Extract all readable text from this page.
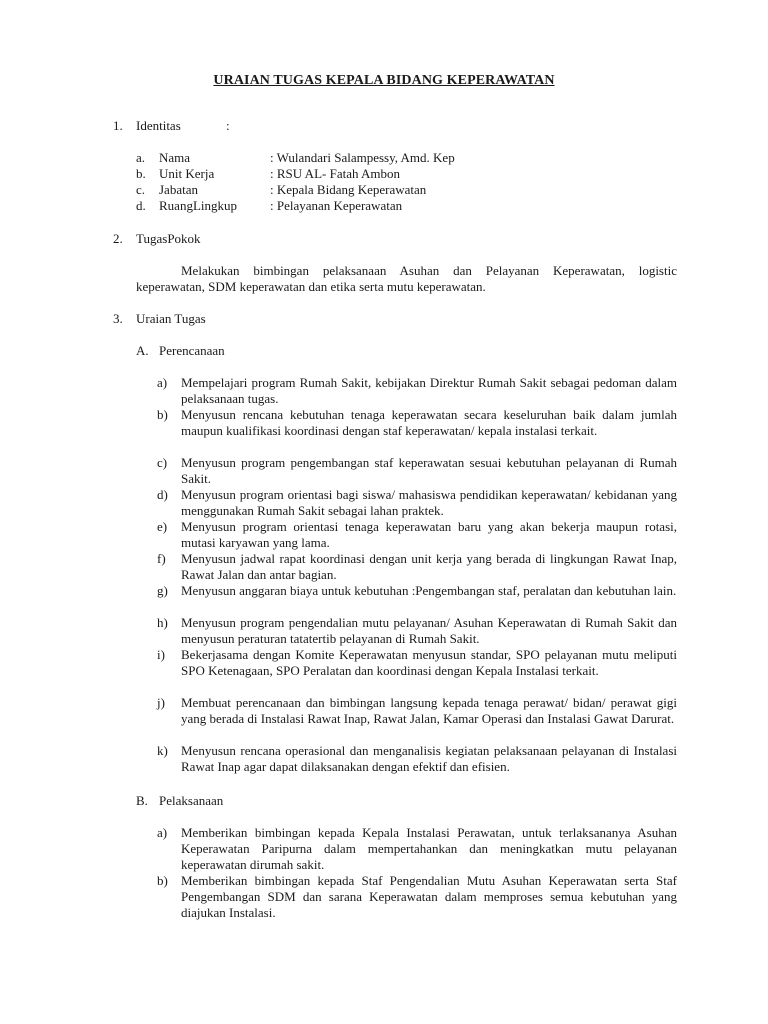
URAIAN TUGAS KEPALA BIDANG KEPERAWATAN
1. Identitas	:
a. Nama	: Wulandari Salampessy, Amd. Kep
b. Unit Kerja	: RSU AL- Fatah Ambon
c. Jabatan	: Kepala Bidang Keperawatan
d. RuangLingkup	: Pelayanan Keperawatan
2. TugasPokok
Melakukan bimbingan pelaksanaan Asuhan dan Pelayanan Keperawatan, logistic
keperawatan, SDM keperawatan dan etika serta mutu keperawatan.
3. Uraian Tugas
A. Perencanaan
a) Mempelajari program Rumah Sakit, kebijakan Direktur Rumah Sakit sebagai pedoman dalam pelaksanaan tugas.
b) Menyusun rencana kebutuhan tenaga keperawatan secara keseluruhan baik dalam jumlah maupun kualifikasi koordinasi dengan staf keperawatan/ kepala instalasi terkait.
c) Menyusun program pengembangan staf keperawatan sesuai kebutuhan pelayanan di Rumah Sakit.
d) Menyusun program orientasi bagi siswa/ mahasiswa pendidikan keperawatan/ kebidanan yang menggunakan Rumah Sakit sebagai lahan praktek.
e) Menyusun program orientasi tenaga keperawatan baru yang akan bekerja maupun rotasi, mutasi karyawan yang lama.
f) Menyusun jadwal rapat koordinasi dengan unit kerja yang berada di lingkungan Rawat Inap, Rawat Jalan dan antar bagian.
g) Menyusun anggaran biaya untuk kebutuhan :Pengembangan staf, peralatan dan kebutuhan lain.
h) Menyusun program pengendalian mutu pelayanan/ Asuhan Keperawatan di Rumah Sakit dan menyusun peraturan tatatertib pelayanan di Rumah Sakit.
i) Bekerjasama dengan Komite Keperawatan menyusun standar, SPO pelayanan mutu meliputi SPO Ketenagaan, SPO Peralatan dan koordinasi dengan Kepala Instalasi terkait.
j) Membuat perencanaan dan bimbingan langsung kepada tenaga perawat/ bidan/ perawat gigi yang berada di Instalasi Rawat Inap, Rawat Jalan, Kamar Operasi dan Instalasi Gawat Darurat.
k) Menyusun rencana operasional dan menganalisis kegiatan pelaksanaan pelayanan di Instalasi Rawat Inap agar dapat dilaksanakan dengan efektif dan efisien.
B. Pelaksanaan
a) Memberikan bimbingan kepada Kepala Instalasi Perawatan, untuk terlaksananya Asuhan Keperawatan Paripurna dalam mempertahankan dan meningkatkan mutu pelayanan keperawatan dirumah sakit.
b) Memberikan bimbingan kepada Staf Pengendalian Mutu Asuhan Keperawatan serta Staf Pengembangan SDM dan sarana Keperawatan dalam memproses semua kebutuhan yang diajukan Instalasi.
